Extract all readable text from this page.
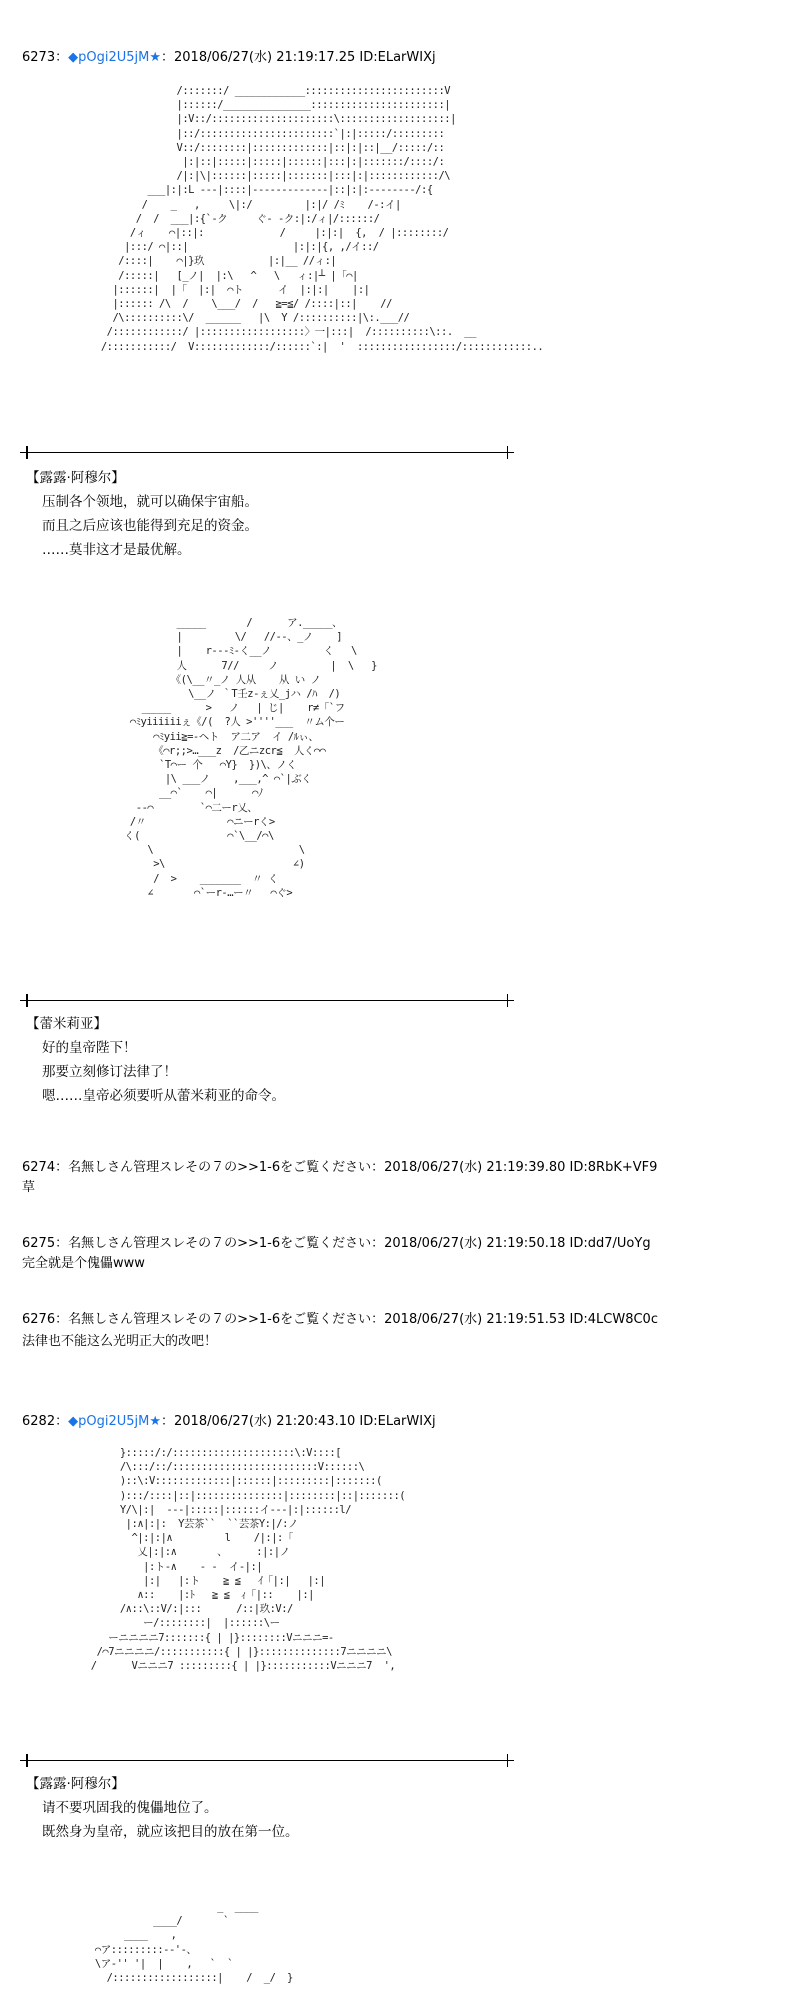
6273：◆pOgi2U5jM★：2018/06/27(水) 21:19:17.25 ID:ELarWIXj
/:::::::/ ____________::::::::::::::::::::::::V
|::::::/_______________:::::::::::::::::::::::|
|:V::/:::::::::::::::::::::\:::::::::::::::::::|
|::/:::::::::::::::::::::::`|:|:::::/:::::::::
V::/::::::::|:::::::::::::|::|:|::|__/:::::/::
|:|::|:::::|:::::|::::::|:::|:|:::::::/::::/:
/|:|\|::::::|:::::|:::::::|:::|:|::::::::::::/\
___|:|:L ---|::::|-------------|::|:|:--------/:{
/    _   ,     \|:/         |:|/ /ﾐ    /-:イ|
/  /  ___|:{`-ク     ぐ- -ク:|:/ィ|/::::::/
/ィ    ⌒|::|:             /     |:|:|  {,  / |::::::::/
|:::/ ⌒|::|                  |:|:|{, ,/イ::/
/::::|    ⌒|}玖           |:|__ //ィ:|
/:::::|   [_ノ|  |:\   ^   \   ィ:|┴ |「⌒|
|::::::|  |「  |:|  ⌒ト      イ  |:|:|    |:|
|:::::: /\  /    \___/  /   ≧=≦/ /::::|::|    //
/\::::::::::\/  ______   |\  Y /::::::::::|\:.___//
/::::::::::::/ |::::::::::::::::::〉一|:::|  /::::::::::\::.  __
/:::::::::::/  V:::::::::::::/::::::`:|  '  :::::::::::::::::/::::::::::::..
【露露·阿穆尔】
压制各个领地，就可以确保宇宙船。
而且之后应该也能得到充足的资金。
……莫非这才是最优解。
_____       /      ア._____、
|         \/   //--、_ノ    ]
|    r---ﾐ-く__ノ         く   \
人      7//     ノ         |  \   }
《(\__〃_ノ 人从    从 い ノ
\__ノ ｀T壬z-ぇ乂_jハ /ﾊ  /)
_____      >   ノ   | じ|    r≠「`フ
⌒ﾐyiiiiiiぇ《/(  ?人 >''''___  〃ム个ー
⌒ﾐyii≧=-ヘト  ア二ア  イ /ﾙぃ、
《⌒r;;>…___z  /乙ニzcr≦  人く⌒⌒
`T⌒ー 个   ⌒Y}  })\、ノく
|\ ___ノ    ,___,^ ⌒`|ぶく
__⌒`    ⌒|      ⌒ﾉ
--⌒        `⌒二ーr乂、
/〃              ⌒ニーrく>
く(               ⌒`\__/⌒\
\                         \
>\                      ∠)
/  >    _______  〃 く
∠       ⌒`ーr-…ー〃   ⌒ぐ>
【蕾米莉亚】
好的皇帝陛下！
那要立刻修订法律了！
嗯……皇帝必须要听从蕾米莉亚的命令。
6274：名無しさん管理スレその７の>>1-6をご覧ください：2018/06/27(水) 21:19:39.80 ID:8RbK+VF9
草
6275：名無しさん管理スレその７の>>1-6をご覧ください：2018/06/27(水) 21:19:50.18 ID:dd7/UoYg
完全就是个傀儡www
6276：名無しさん管理スレその７の>>1-6をご覧ください：2018/06/27(水) 21:19:51.53 ID:4LCW8C0c
法律也不能这么光明正大的改吧！
6282：◆pOgi2U5jM★：2018/06/27(水) 21:20:43.10 ID:ELarWIXj
}:::::/:/:::::::::::::::::::::\:V::::[
/\:::/::/:::::::::::::::::::::::::V::::::\
)::\:V:::::::::::::|::::::|:::::::::|:::::::(
):::/::::|::|:::::::::::::::|::::::::|::|:::::::(
Y/\|:|  ---|:::::|::::::イ---|:|::::::l/
|:∧|:|:  Y芸茶``  ``芸茶Y:|/:ノ
^|:|:|∧         l    /|:|:「
乂|:|:∧       、     :|:|ノ
|:ト-∧    ‐ ‐  イ-|:|
|:|   |:ト    ≧ ≦   ｲ「|:|   |:|
∧::    |:ﾄ   ≧ ≦  ｨ「|::    |:|
/∧::\::V/:|:::      /::|玖:V:/
ー/::::::::|  |::::::\ー
ーニニニニ7:::::::{ | |}::::::::Vニニニ=-
/⌒7ニニニニ/:::::::::::{ | |}::::::::::::::7ニニニニ\
/      Vニニニ7 :::::::::{ | |}:::::::::::Vニニニ7  ',
【露露·阿穆尔】
请不要巩固我的傀儡地位了。
既然身为皇帝，就应该把目的放在第一位。
_  ____
____/       `
____    ,
⌒ア:::::::::--'-、
\ア-'' '|  |    ,   `  `
/::::::::::::::::::|    /  _/  }
